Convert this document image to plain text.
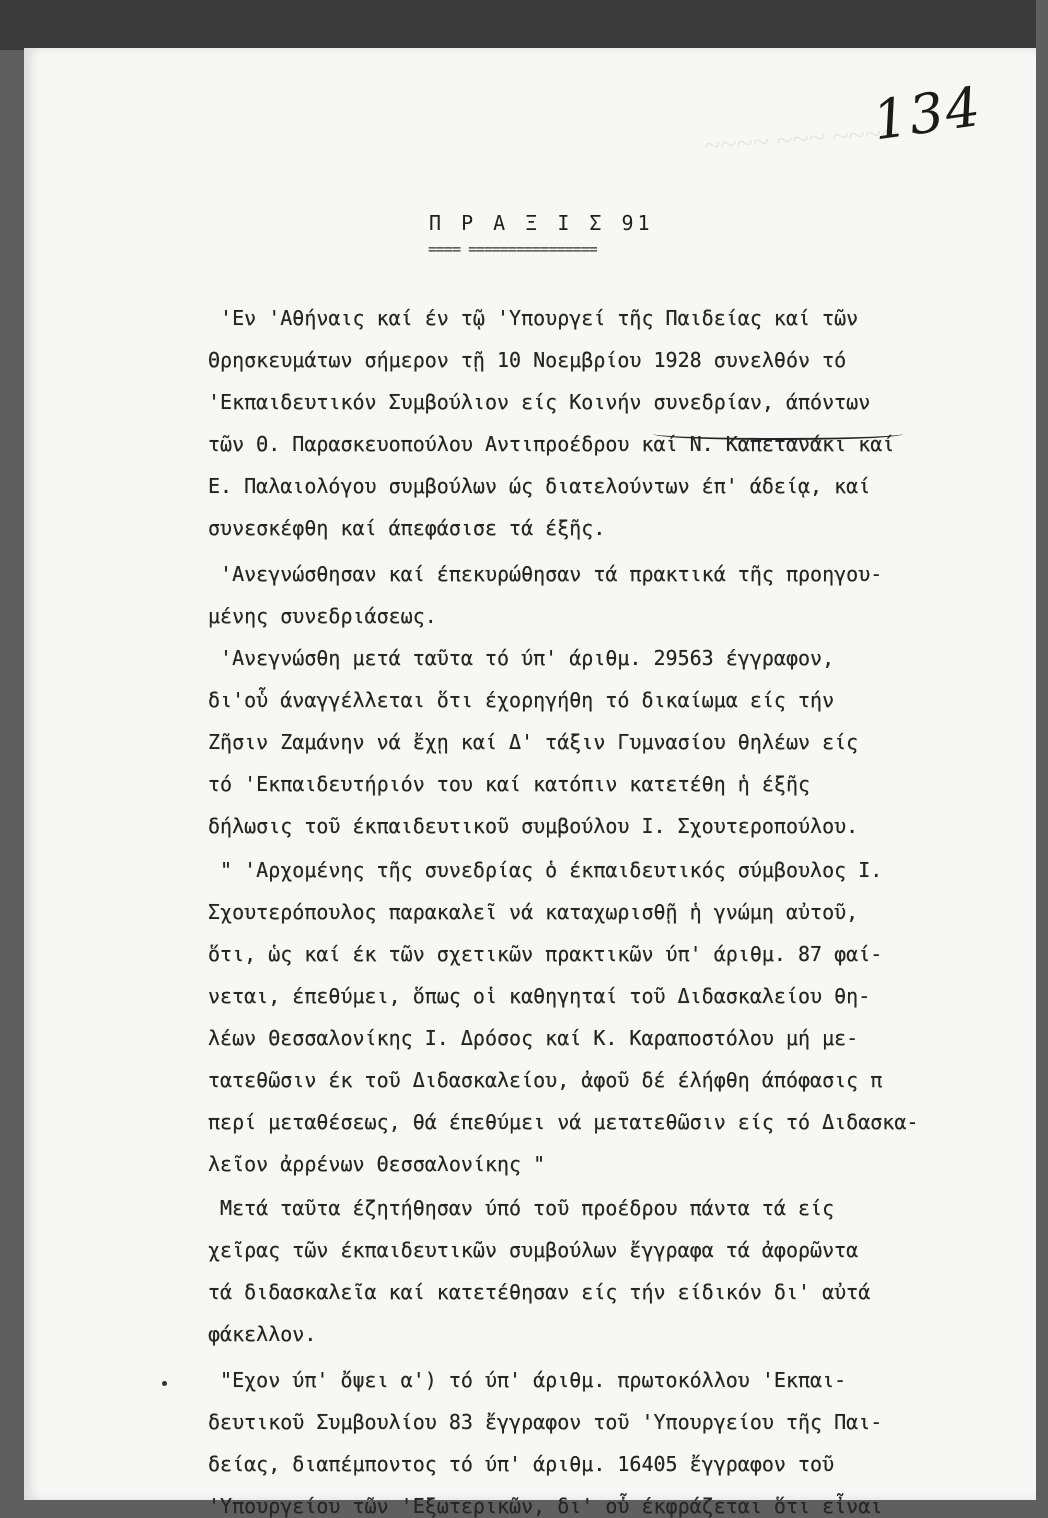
~~~~ ~~~ ~~~~
134
Π Ρ Α Ξ Ι Σ 91
==== ================
'Εν 'Αθήναις καί έν τῷ 'Υπουργεί τῆς Παιδείας καί τῶν
Θρησκευμάτων σήμερον τῇ 10 Νοεμβρίου 1928 συνελθόν τό
'Εκπαιδευτικόν Συμβούλιον είς Κοινήν συνεδρίαν, άπόντων
τῶν Θ. Παρασκευοπούλου Αντιπροέδρου καί Ν. Καπετανάκι καί
Ε. Παλαιολόγου συμβούλων ώς διατελούντων έπ' άδείᾳ, καί
συνεσκέφθη καί άπεφάσισε τά έξῆς.
'Ανεγνώσθησαν καί έπεκυρώθησαν τά πρακτικά τῆς προηγου-
μένης συνεδριάσεως.
'Ανεγνώσθη μετά ταῦτα τό ύπ' άριθμ. 29563 έγγραφον,
δι'οὗ άναγγέλλεται ὅτι έχορηγήθη τό δικαίωμα είς τήν
Ζῆσιν Ζαμάνην νά ἔχῃ καί Δ' τάξιν Γυμνασίου θηλέων είς
τό 'Εκπαιδευτήριόν του καί κατόπιν κατετέθη ἡ έξῆς
δήλωσις τοῦ έκπαιδευτικοῦ συμβούλου Ι. Σχουτεροπούλου.
" 'Αρχομένης τῆς συνεδρίας ὁ έκπαιδευτικός σύμβουλος Ι.
Σχουτερόπουλος παρακαλεῖ νά καταχωρισθῇ ἡ γνώμη αὐτοῦ,
ὅτι, ὡς καί έκ τῶν σχετικῶν πρακτικῶν ύπ' άριθμ. 87 φαί-
νεται, έπεθύμει, ὅπως οἱ καθηγηταί τοῦ Διδασκαλείου θη-
λέων Θεσσαλονίκης Ι. Δρόσος καί Κ. Καραποστόλου μή με-
τατεθῶσιν έκ τοῦ Διδασκαλείου, ἀφοῦ δέ έλήφθη άπόφασις π
περί μεταθέσεως, θά έπεθύμει νά μετατεθῶσιν είς τό Διδασκα-
λεῖον ἀρρένων Θεσσαλονίκης "
Μετά ταῦτα έζητήθησαν ύπό τοῦ προέδρου πάντα τά είς
χεῖρας τῶν έκπαιδευτικῶν συμβούλων ἔγγραφα τά ἀφορῶντα
τά διδασκαλεῖα καί κατετέθησαν είς τήν είδικόν δι' αὐτά
φάκελλον.
"Εχον ύπ' ὄψει α') τό ύπ' άριθμ. πρωτοκόλλου 'Εκπαι-
δευτικοῦ Συμβουλίου 83 ἔγγραφον τοῦ 'Υπουργείου τῆς Παι-
δείας, διαπέμποντος τό ύπ' άριθμ. 16405 ἔγγραφον τοῦ
'Υπουργείου τῶν 'Εξωτερικῶν, δι' οὗ έκφράζεται ὅτι εἶναι
